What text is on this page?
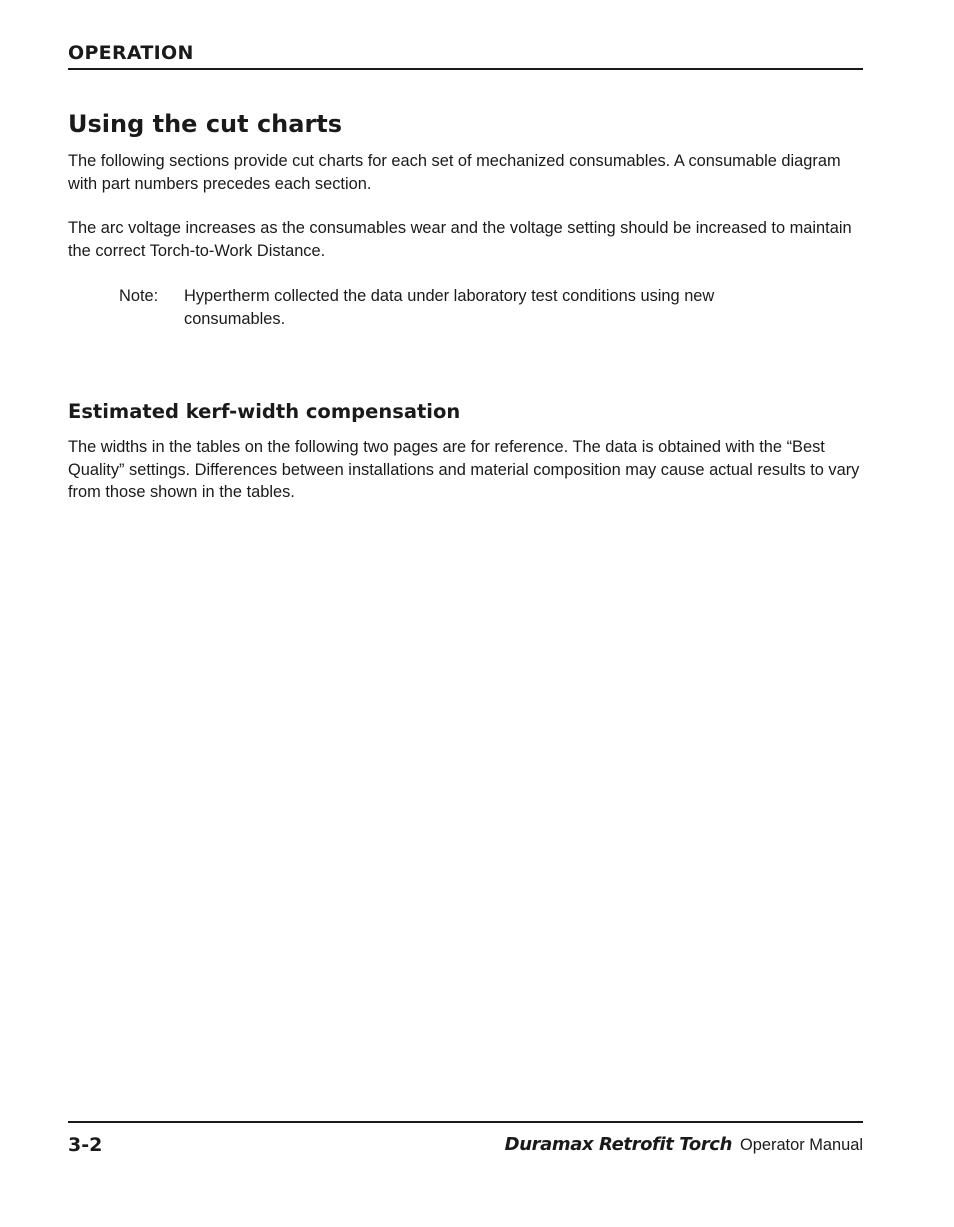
OPERATION
Using the cut charts

The following sections provide cut charts for each set of mechanized consumables. A consumable diagram with part numbers precedes each section.

The arc voltage increases as the consumables wear and the voltage setting should be increased to maintain the correct Torch-to-Work Distance.

Note:	Hypertherm collected the data under laboratory test conditions using new consumables.
Estimated kerf-width compensation

The widths in the tables on the following two pages are for reference. The data is obtained with the “Best Quality” settings. Differences between installations and material composition may cause actual results to vary from those shown in the tables.

3-2	Duramax Retrofit Torch Operator Manual
